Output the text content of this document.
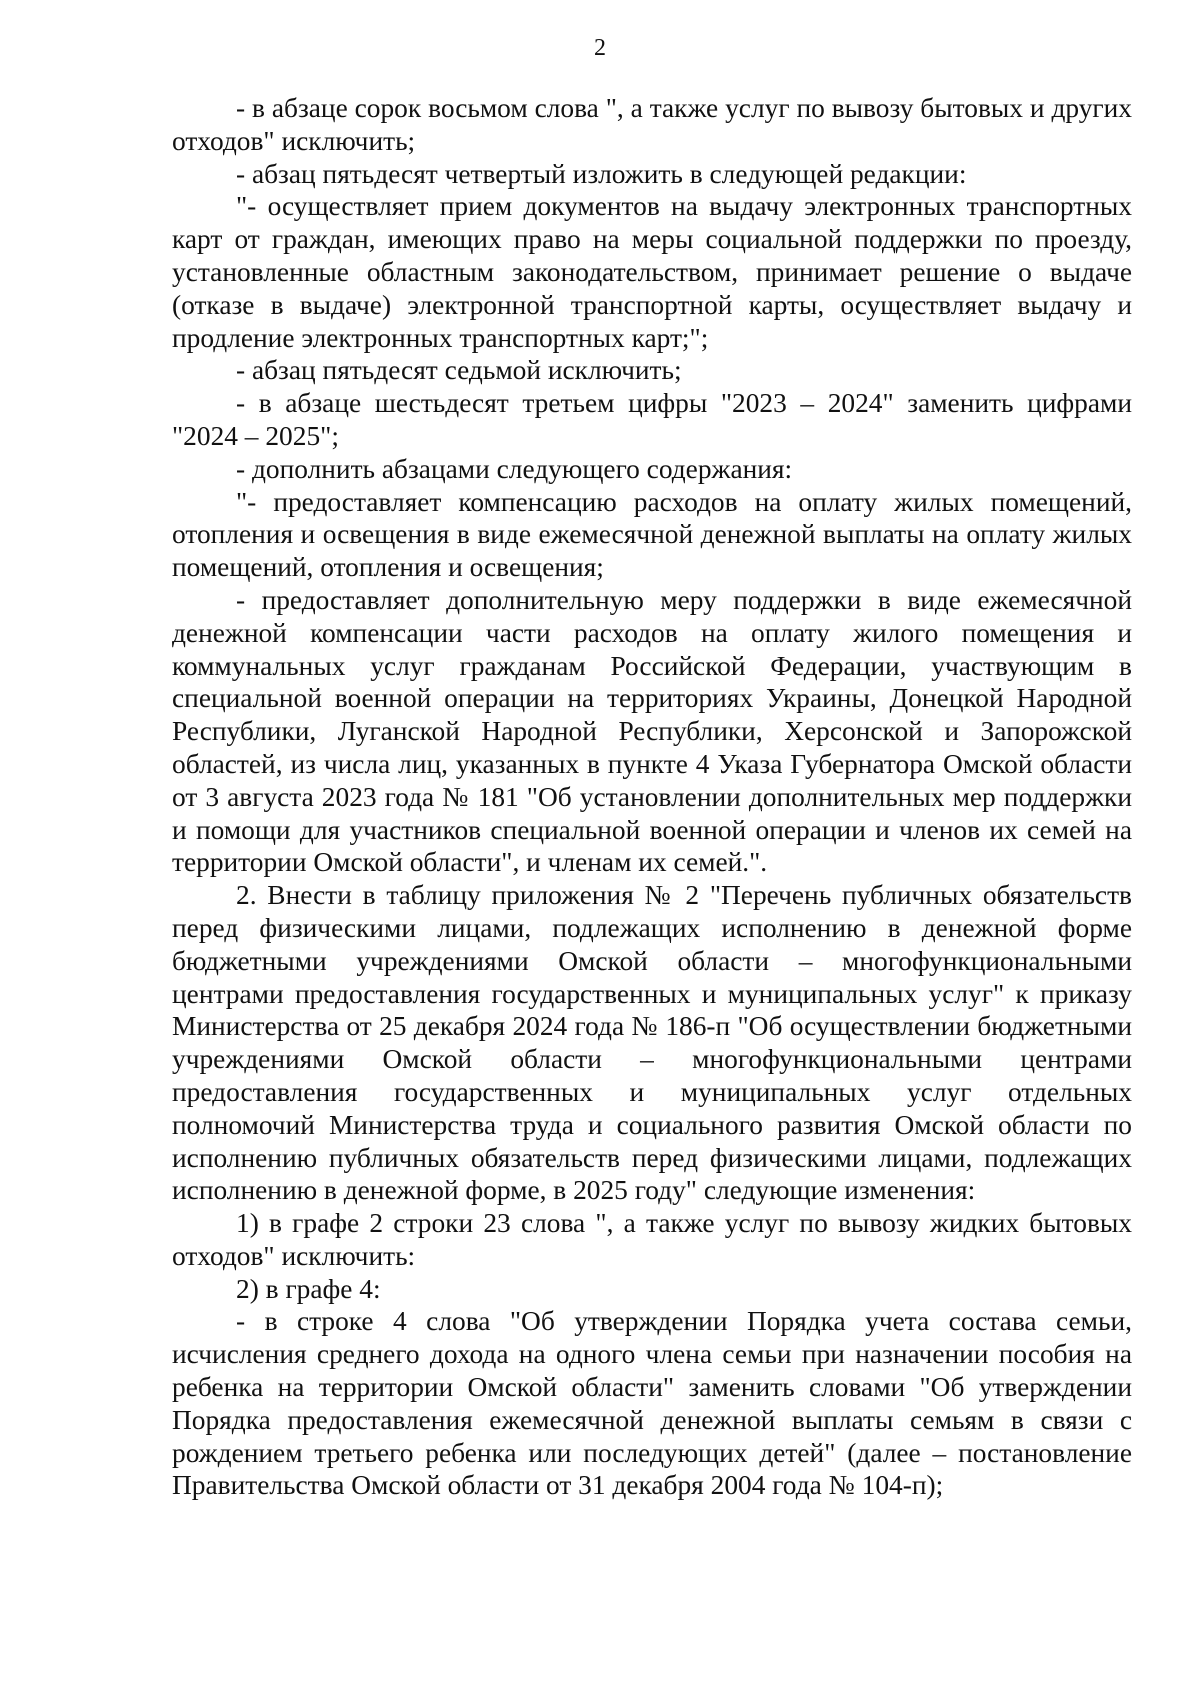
2

- в абзаце сорок восьмом слова ", а также услуг по вывозу бытовых и других отходов" исключить;

- абзац пятьдесят четвертый изложить в следующей редакции:

"- осуществляет прием документов на выдачу электронных транспортных карт от граждан, имеющих право на меры социальной поддержки по проезду, установленные областным законодательством, принимает решение о выдаче (отказе в выдаче) электронной транспортной карты, осуществляет выдачу и продление электронных транспортных карт;";

- абзац пятьдесят седьмой исключить;

- в абзаце шестьдесят третьем цифры "2023 – 2024" заменить цифрами "2024 – 2025";

- дополнить абзацами следующего содержания:

"- предоставляет компенсацию расходов на оплату жилых помещений, отопления и освещения в виде ежемесячной денежной выплаты на оплату жилых помещений, отопления и освещения;

- предоставляет дополнительную меру поддержки в виде ежемесячной денежной компенсации части расходов на оплату жилого помещения и коммунальных услуг гражданам Российской Федерации, участвующим в специальной военной операции на территориях Украины, Донецкой Народной Республики, Луганской Народной Республики, Херсонской и Запорожской областей, из числа лиц, указанных в пункте 4 Указа Губернатора Омской области от 3 августа 2023 года № 181 "Об установлении дополнительных мер поддержки и помощи для участников специальной военной операции и членов их семей на территории Омской области", и членам их семей.".

2. Внести в таблицу приложения № 2 "Перечень публичных обязательств перед физическими лицами, подлежащих исполнению в денежной форме бюджетными учреждениями Омской области – многофункциональными центрами предоставления государственных и муниципальных услуг" к приказу Министерства от 25 декабря 2024 года № 186-п "Об осуществлении бюджетными учреждениями Омской области – многофункциональными центрами предоставления государственных и муниципальных услуг отдельных полномочий Министерства труда и социального развития Омской области по исполнению публичных обязательств перед физическими лицами, подлежащих исполнению в денежной форме, в 2025 году" следующие изменения:

1) в графе 2 строки 23 слова ", а также услуг по вывозу жидких бытовых отходов" исключить:

2) в графе 4:

- в строке 4 слова "Об утверждении Порядка учета состава семьи, исчисления среднего дохода на одного члена семьи при назначении пособия на ребенка на территории Омской области" заменить словами "Об утверждении Порядка предоставления ежемесячной денежной выплаты семьям в связи с рождением третьего ребенка или последующих детей" (далее – постановление Правительства Омской области от 31 декабря 2004 года № 104-п);
